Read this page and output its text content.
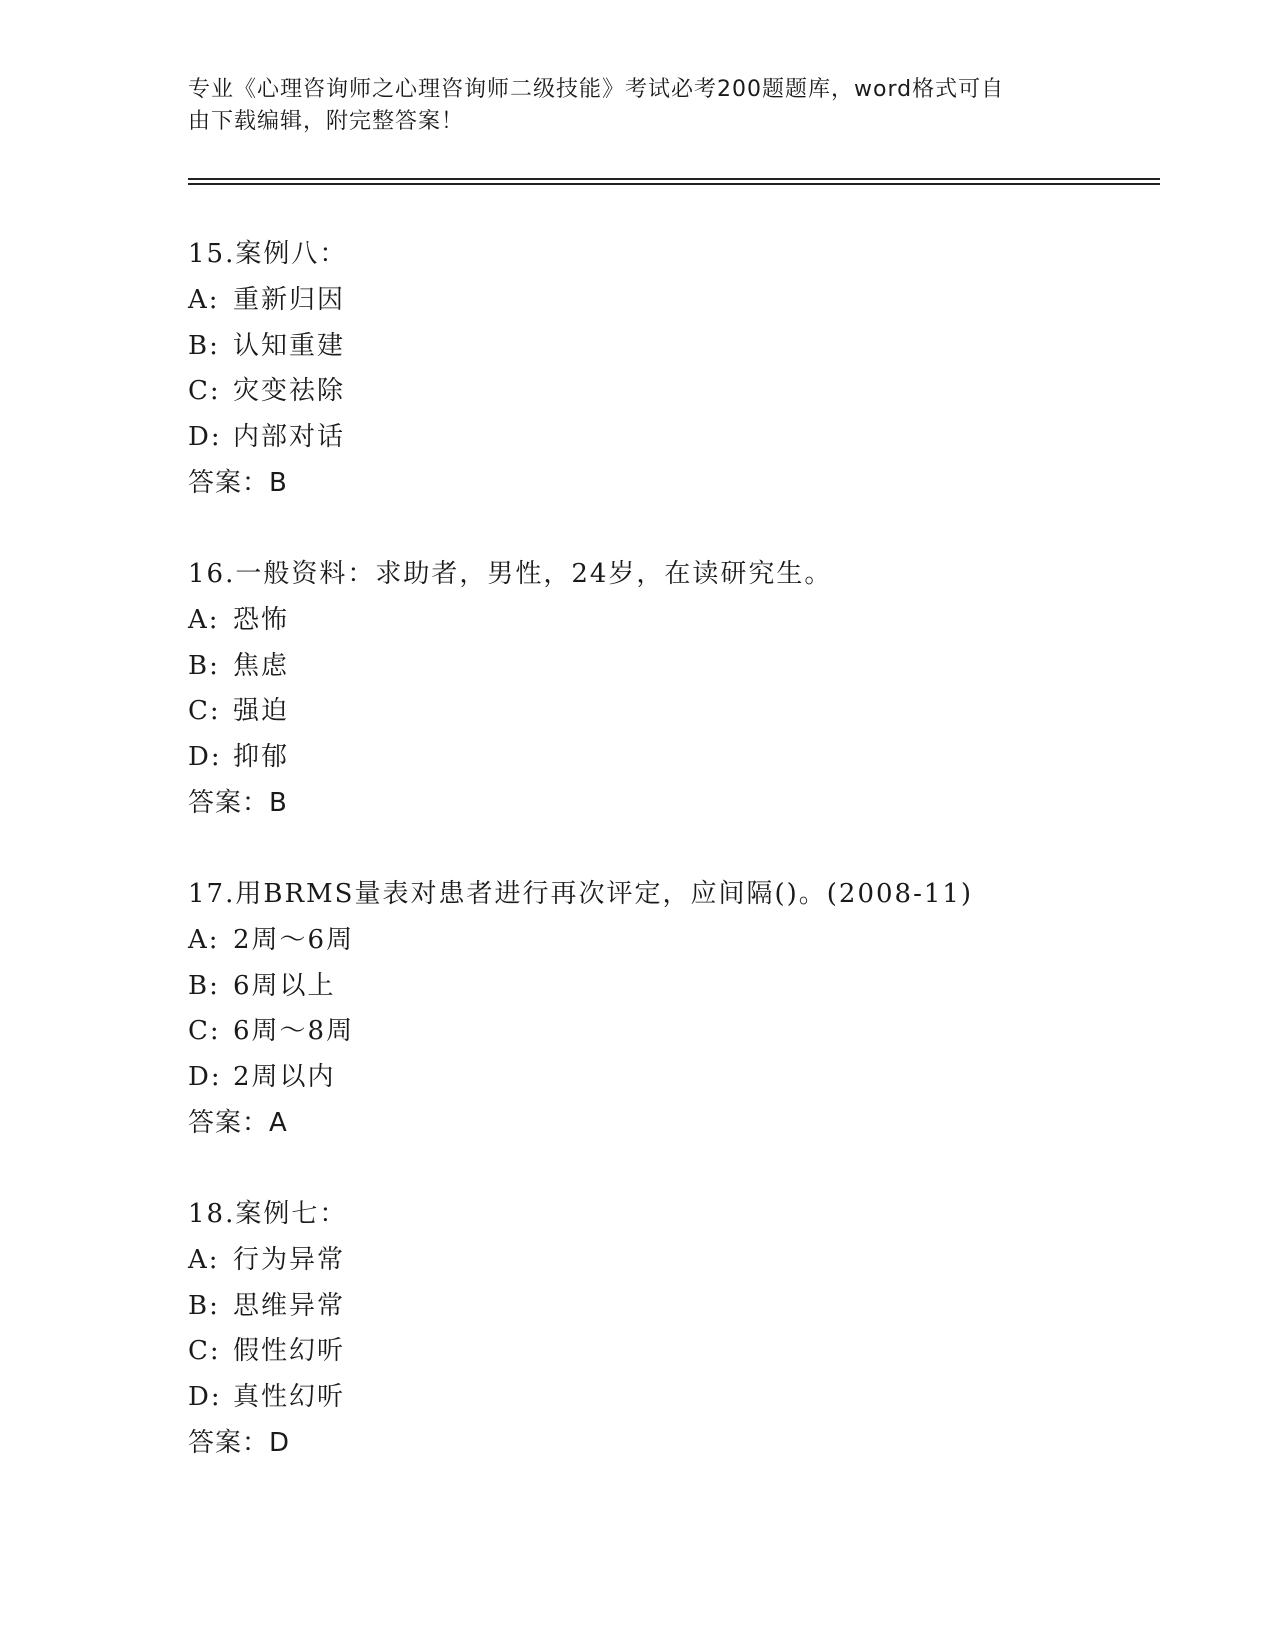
专业《心理咨询师之心理咨询师二级技能》考试必考200题题库，word格式可自
由下载编辑，附完整答案！
15.案例八：
A: 重新归因
B: 认知重建
C: 灾变祛除
D: 内部对话
答案：B
16.一般资料：求助者，男性，24岁，在读研究生。
A: 恐怖
B: 焦虑
C: 强迫
D: 抑郁
答案：B
17.用BRMS量表对患者进行再次评定，应间隔()。(2008-11)
A: 2周～6周
B: 6周以上
C: 6周～8周
D: 2周以内
答案：A
18.案例七：
A: 行为异常
B: 思维异常
C: 假性幻听
D: 真性幻听
答案：D
